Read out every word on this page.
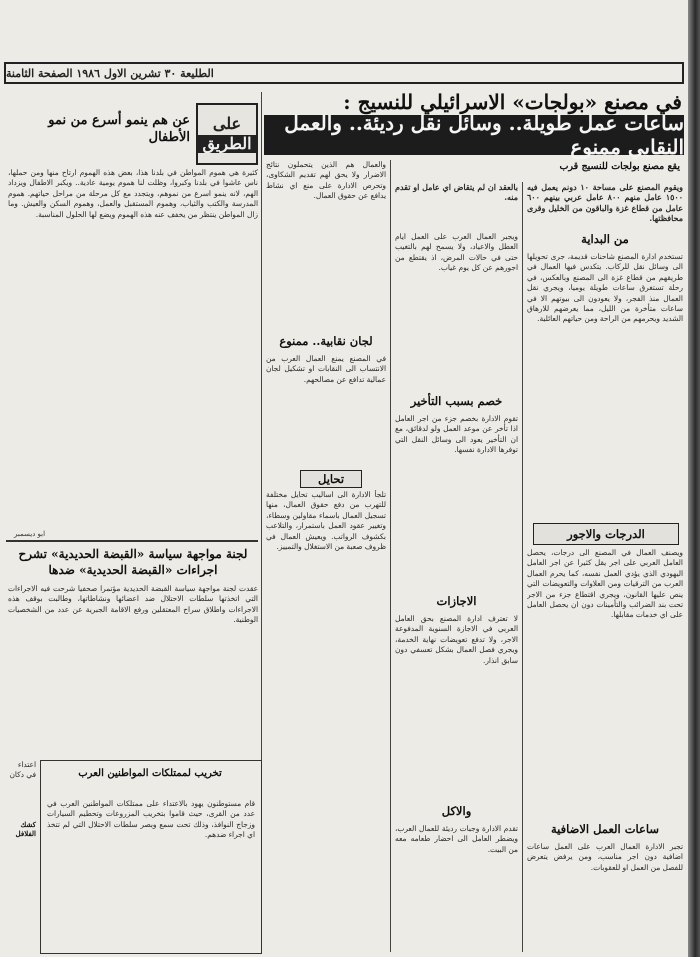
الطليعة ٣٠ تشرين الاول ١٩٨٦ الصفحة الثامنة
في مصنع «بولجات» الاسرائيلي للنسيج :
ساعات عمل طويلة.. وسائل نقل رديئة.. والعمل النقابي ممنوع
يقع مصنع بولجات للنسيج قرب
ويقوم المصنع على مساحة ١٠ دونم يعمل فيه ١٥٠٠ عامل منهم ٨٠٠ عامل عربي بينهم ٦٠٠ عامل من قطاع غزة والباقون من الخليل وقرى محافظتها.
من البداية
تستخدم ادارة المصنع شاحنات قديمة، جرى تحويلها الى وسائل نقل للركاب. يتكدس فيها العمال في طريقهم من قطاع غزة الى المصنع وبالعكس، في رحلة تستغرق ساعات طويلة يوميا، ويجري نقل العمال منذ الفجر، ولا يعودون الى بيوتهم الا في ساعات متأخرة من الليل، مما يعرضهم للارهاق الشديد ويحرمهم من الراحة ومن حياتهم العائلية.
الدرجات والاجور
ويصنف العمال في المصنع الى درجات، يحصل العامل العربي على اجر يقل كثيرا عن اجر العامل اليهودي الذي يؤدي العمل نفسه، كما يحرم العمال العرب من الترقيات ومن العلاوات والتعويضات التي ينص عليها القانون، ويجري اقتطاع جزء من الاجر تحت بند الضرائب والتأمينات دون ان يحصل العامل على اي خدمات مقابلها.
ساعات العمل الاضافية
تجبر الادارة العمال العرب على العمل ساعات اضافية دون اجر مناسب، ومن يرفض يتعرض للفصل من العمل او للعقوبات.
بالعقد ان لم يتقاض اي عامل او تقدم منه.
ويجبر العمال العرب على العمل ايام العطل والاعياد، ولا يسمح لهم بالتغيب حتى في حالات المرض، اذ يقتطع من اجورهم عن كل يوم غياب.
خصم بسبب التأخير
تقوم الادارة بخصم جزء من اجر العامل اذا تأخر عن موعد العمل ولو لدقائق، مع ان التأخير يعود الى وسائل النقل التي توفرها الادارة نفسها.
الاجازات
لا تعترف ادارة المصنع بحق العامل العربي في الاجازة السنوية المدفوعة الاجر، ولا تدفع تعويضات نهاية الخدمة، ويجري فصل العمال بشكل تعسفي دون سابق انذار.
والاكل
تقدم الادارة وجبات رديئة للعمال العرب، ويضطر العامل الى احضار طعامه معه من البيت.
والعمال هم الذين يتحملون نتائج الاضرار ولا يحق لهم تقديم الشكاوى، وتحرص الادارة على منع اي نشاط يدافع عن حقوق العمال.
لجان نقابية.. ممنوع
في المصنع يمنع العمال العرب من الانتساب الى النقابات او تشكيل لجان عمالية تدافع عن مصالحهم.
تحايل
تلجأ الادارة الى اساليب تحايل مختلفة للتهرب من دفع حقوق العمال، منها تسجيل العمال باسماء مقاولين وسطاء، وتغيير عقود العمل باستمرار، والتلاعب بكشوف الرواتب. ويعيش العمال في ظروف صعبة من الاستغلال والتمييز.
على
الطريق
عن هم ينمو أسرع من نمو الأطفال
كثيرة هي هموم المواطن في بلدنا هذا، بعض هذه الهموم ارتاح منها ومن حملها، ناس عاشوا في بلدنا وكبروا، وظلت لنا هموم يومية عادية.. ويكبر الاطفال ويزداد الهم، لانه ينمو اسرع من نموهم، ويتجدد مع كل مرحلة من مراحل حياتهم. هموم المدرسة والكتب والثياب، وهموم المستقبل والعمل، وهموم السكن والعيش. وما زال المواطن ينتظر من يخفف عنه هذه الهموم ويضع لها الحلول المناسبة.
ابو ديسمبر
لجنة مواجهة سياسة «القبضة الحديدية» تشرح اجراءات «القبضة الحديدية» ضدها
عقدت لجنة مواجهة سياسة القبضة الحديدية مؤتمرا صحفيا شرحت فيه الاجراءات التي اتخذتها سلطات الاحتلال ضد اعضائها ونشاطاتها، وطالبت بوقف هذه الاجراءات واطلاق سراح المعتقلين ورفع الاقامة الجبرية عن عدد من الشخصيات الوطنية.
تخريب لممتلكات المواطنين العرب
قام مستوطنون يهود بالاعتداء على ممتلكات المواطنين العرب في عدد من القرى، حيث قاموا بتخريب المزروعات وتحطيم السيارات وزجاج النوافذ، وذلك تحت سمع وبصر سلطات الاحتلال التي لم تتخذ اي اجراء ضدهم.
اعتداء في دكان
كشك الفلافل
